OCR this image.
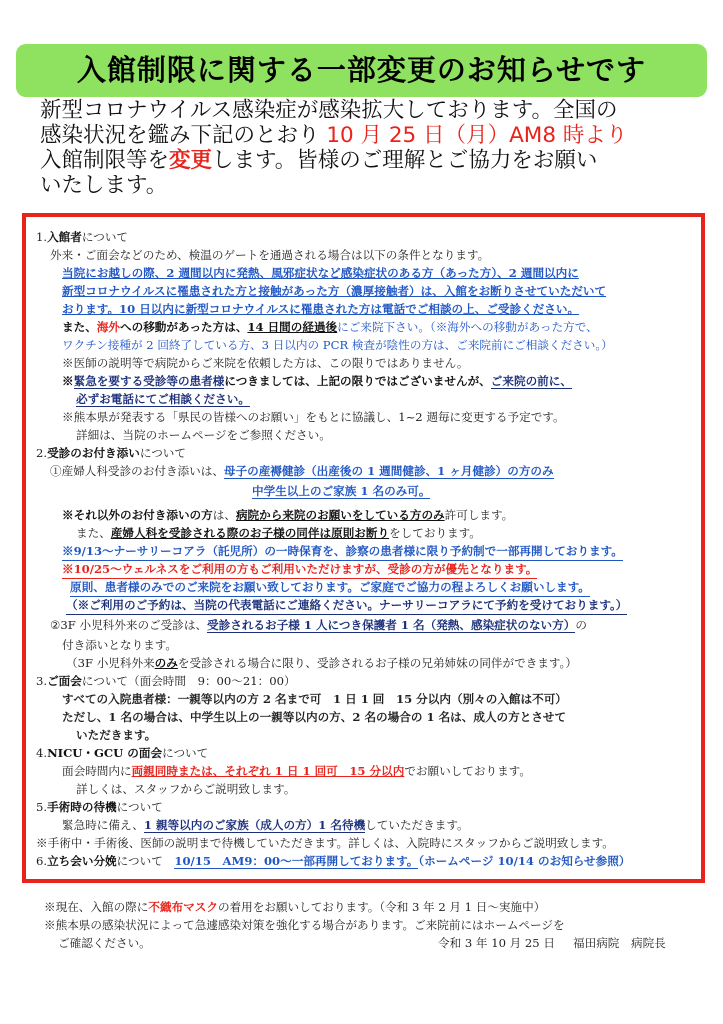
入館制限に関する一部変更のお知らせです
新型コロナウイルス感染症が感染拡大しております。全国の
感染状況を鑑み下記のとおり 10 月 25 日（月）AM8 時より
入館制限等を変更します。皆様のご理解とご協力をお願い
いたします。
1.入館者について
外来・ご面会などのため、検温のゲートを通過される場合は以下の条件となります。
当院にお越しの際、2 週間以内に発熱、風邪症状など感染症状のある方（あった方）、2 週間以内に
新型コロナウイルスに罹患された方と接触があった方（濃厚接触者）は、入館をお断りさせていただいて
おります。10 日以内に新型コロナウイルスに罹患された方は電話でご相談の上、ご受診ください。
また、海外への移動があった方は、14 日間の経過後にご来院下さい。（※海外への移動があった方で、
ワクチン接種が 2 回終了している方、3 日以内の PCR 検査が陰性の方は、ご来院前にご相談ください。）
※医師の説明等で病院からご来院を依頼した方は、この限りではありません。
※緊急を要する受診等の患者様につきましては、上記の限りではございませんが、ご来院の前に、
必ずお電話にてご相談ください。
※熊本県が発表する「県民の皆様へのお願い」をもとに協議し、1~2 週毎に変更する予定です。
詳細は、当院のホームページをご参照ください。
2.受診のお付き添いについて
①産婦人科受診のお付き添いは、母子の産褥健診（出産後の 1 週間健診、1 ヶ月健診）の方のみ
中学生以上のご家族 1 名のみ可。
※それ以外のお付き添いの方は、病院から来院のお願いをしている方のみ許可します。
また、産婦人科を受診される際のお子様の同伴は原則お断りをしております。
※9/13～ナーサリーコアラ（託児所）の一時保育を、診察の患者様に限り予約制で一部再開しております。
※10/25～ウェルネスをご利用の方もご利用いただけますが、受診の方が優先となります。
原則、患者様のみでのご来院をお願い致しております。ご家庭でご協力の程よろしくお願いします。
（※ご利用のご予約は、当院の代表電話にご連絡ください。ナーサリーコアラにて予約を受けております。）
②3F 小児科外来のご受診は、受診されるお子様 1 人につき保護者 1 名（発熱、感染症状のない方）の
付き添いとなります。
（3F 小児科外来のみを受診される場合に限り、受診されるお子様の兄弟姉妹の同伴ができます。）
3.ご面会について（面会時間　9：00～21：00）
すべての入院患者様：一親等以内の方 2 名まで可　1 日 1 回　15 分以内（別々の入館は不可）
ただし、1 名の場合は、中学生以上の一親等以内の方、2 名の場合の 1 名は、成人の方とさせて
いただきます。
4.NICU・GCU の面会について
面会時間内に両親同時または、それぞれ 1 日 1 回可　15 分以内でお願いしております。
詳しくは、スタッフからご説明致します。
5.手術時の待機について
緊急時に備え、1 親等以内のご家族（成人の方）1 名待機していただきます。
※手術中・手術後、医師の説明まで待機していただきます。詳しくは、入院時にスタッフからご説明致します。
6.立ち会い分娩について　 10/15　AM9：00～一部再開しております。（ホームページ 10/14 のお知らせ参照）
※現在、入館の際に不織布マスクの着用をお願いしております。（令和 3 年 2 月 1 日～実施中）
※熊本県の感染状況によって急遽感染対策を強化する場合があります。ご来院前にはホームページを
ご確認ください。	令和 3 年 10 月 25 日 福田病院　病院長
